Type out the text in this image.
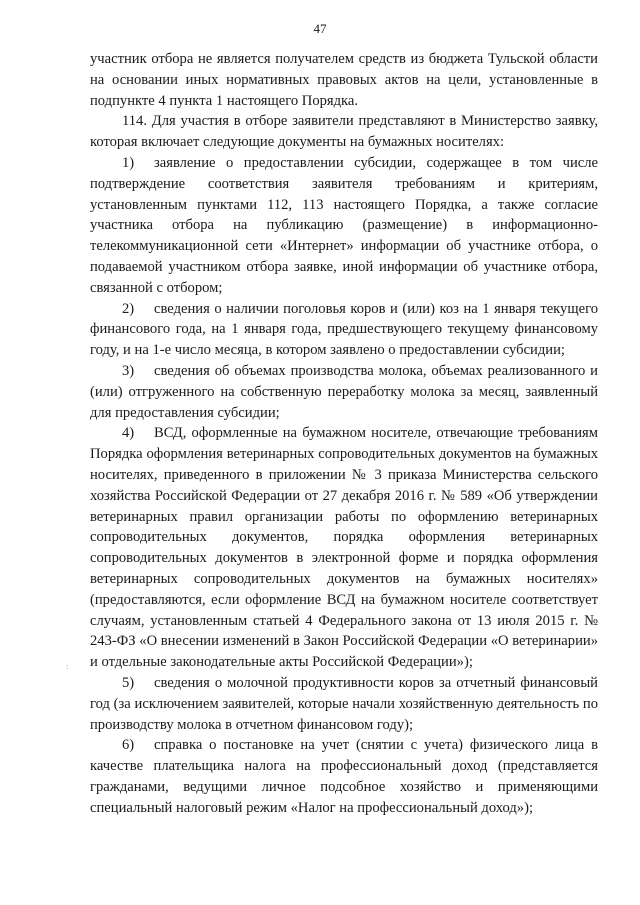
47

участник отбора не является получателем средств из бюджета Тульской области на основании иных нормативных правовых актов на цели, установленные в подпункте 4 пункта 1 настоящего Порядка.

114. Для участия в отборе заявители представляют в Министерство заявку, которая включает следующие документы на бумажных носителях:

1) заявление о предоставлении субсидии, содержащее в том числе подтверждение соответствия заявителя требованиям и критериям, установленным пунктами 112, 113 настоящего Порядка, а также согласие участника отбора на публикацию (размещение) в информационно-телекоммуникационной сети «Интернет» информации об участнике отбора, о подаваемой участником отбора заявке, иной информации об участнике отбора, связанной с отбором;

2) сведения о наличии поголовья коров и (или) коз на 1 января текущего финансового года, на 1 января года, предшествующего текущему финансовому году, и на 1-е число месяца, в котором заявлено о предоставлении субсидии;

3) сведения об объемах производства молока, объемах реализованного и (или) отгруженного на собственную переработку молока за месяц, заявленный для предоставления субсидии;

4) ВСД, оформленные на бумажном носителе, отвечающие требованиям Порядка оформления ветеринарных сопроводительных документов на бумажных носителях, приведенного в приложении № 3 приказа Министерства сельского хозяйства Российской Федерации от 27 декабря 2016 г. № 589 «Об утверждении ветеринарных правил организации работы по оформлению ветеринарных сопроводительных документов, порядка оформления ветеринарных сопроводительных документов в электронной форме и порядка оформления ветеринарных сопроводительных документов на бумажных носителях» (предоставляются, если оформление ВСД на бумажном носителе соответствует случаям, установленным статьей 4 Федерального закона от 13 июля 2015 г. № 243-ФЗ «О внесении изменений в Закон Российской Федерации «О ветеринарии» и отдельные законодательные акты Российской Федерации»);

5) сведения о молочной продуктивности коров за отчетный финансовый год (за исключением заявителей, которые начали хозяйственную деятельность по производству молока в отчетном финансовом году);

6) справка о постановке на учет (снятии с учета) физического лица в качестве плательщика налога на профессиональный доход (представляется гражданами, ведущими личное подсобное хозяйство и применяющими специальный налоговый режим «Налог на профессиональный доход»);

:
